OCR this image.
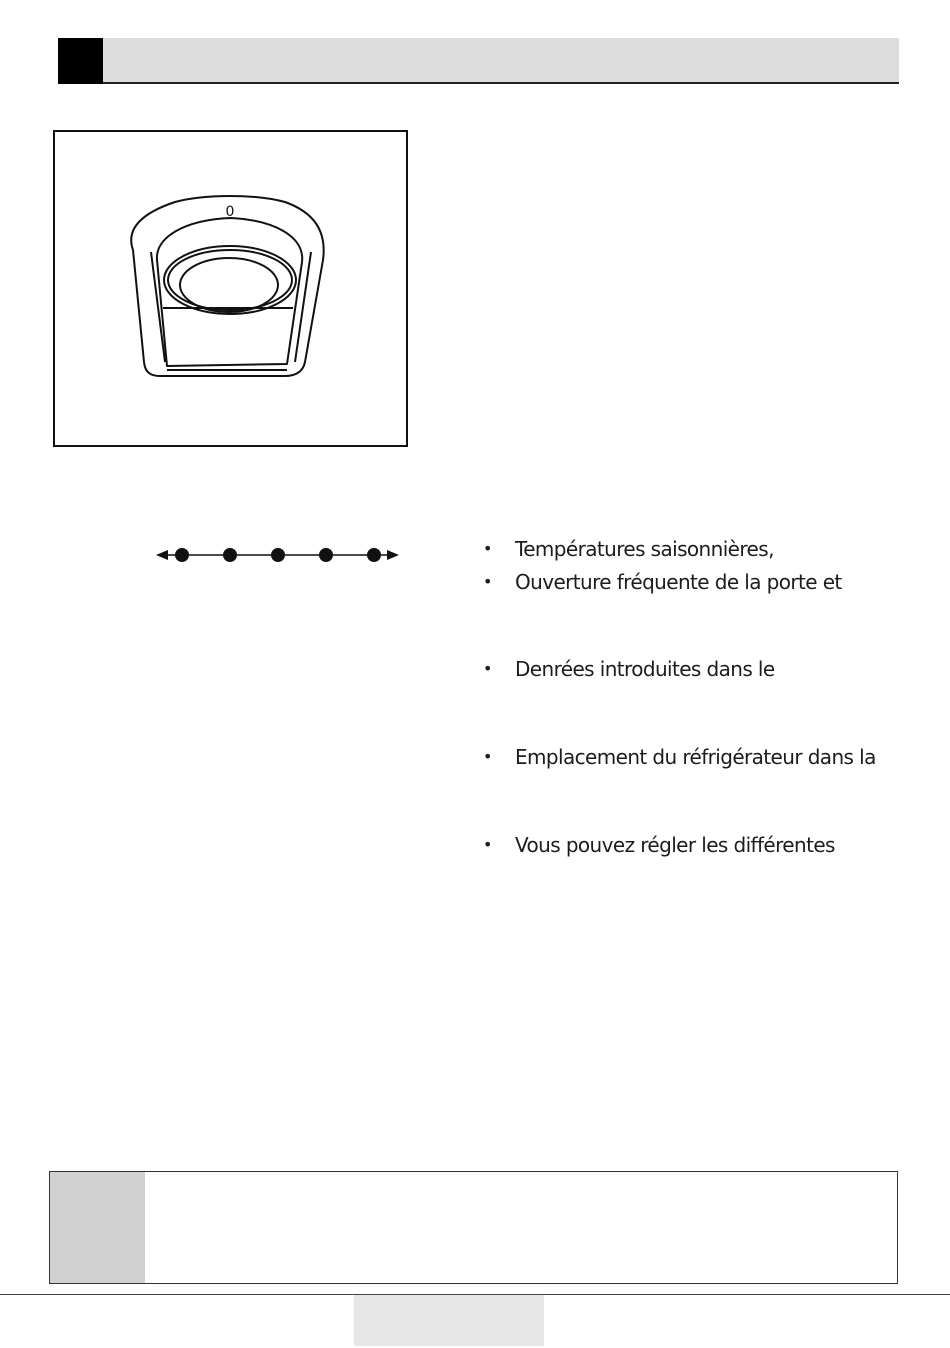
0
• Températures saisonnières,
• Ouverture fréquente de la porte et
• Denrées introduites dans le
• Emplacement du réfrigérateur dans la
• Vous pouvez régler les différentes
